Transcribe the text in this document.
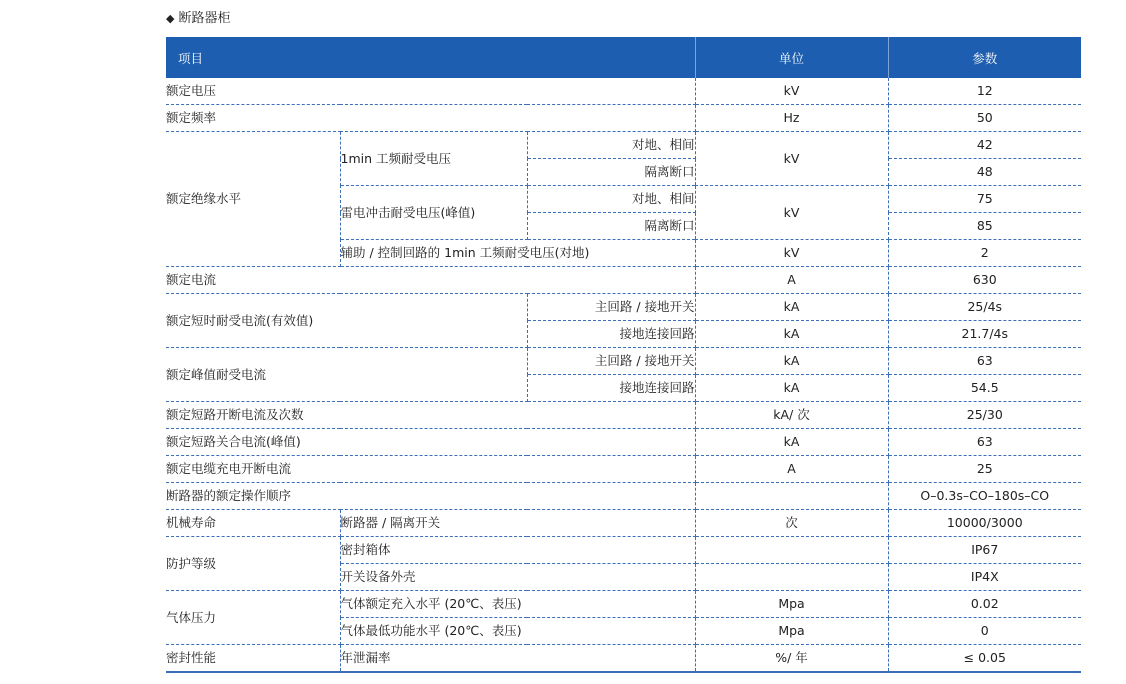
◆ 断路器柜
项目			单位	参数
额定电压			kV	12
额定频率			Hz	50
额定绝缘水平	1min 工频耐受电压	对地、相间	kV	42
		隔离断口		48
	雷电冲击耐受电压(峰值)	对地、相间	kV	75
		隔离断口		85
	辅助 / 控制回路的 1min 工频耐受电压(对地)		kV	2
额定电流			A	630
额定短时耐受电流(有效值)		主回路 / 接地开关	kA	25/4s
		接地连接回路	kA	21.7/4s
额定峰值耐受电流		主回路 / 接地开关	kA	63
		接地连接回路	kA	54.5
额定短路开断电流及次数			kA/ 次	25/30
额定短路关合电流(峰值)			kA	63
额定电缆充电开断电流			A	25
断路器的额定操作顺序				O–0.3s–CO–180s–CO
机械寿命	断路器 / 隔离开关		次	10000/3000
防护等级	密封箱体			IP67
	开关设备外壳			IP4X
气体压力	气体额定充入水平 (20℃、表压)		Mpa	0.02
	气体最低功能水平 (20℃、表压)		Mpa	0
密封性能	年泄漏率		%/ 年	≤ 0.05
